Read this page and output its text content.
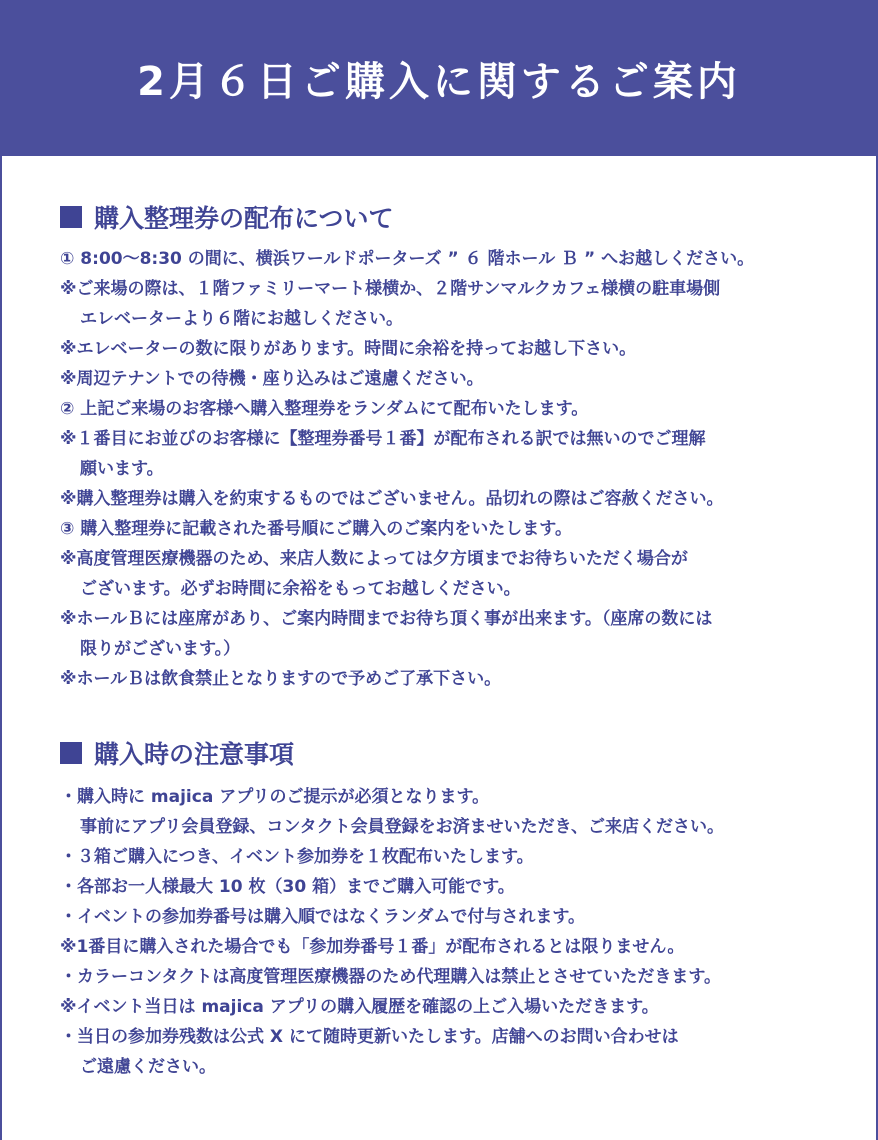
2月６日ご購入に関するご案内
購入整理券の配布について
① 8:00〜8:30 の間に、横浜ワールドポーターズ ” ６ 階ホール Ｂ ” へお越しください。
※ご来場の際は、１階ファミリーマート様横か、２階サンマルクカフェ様横の駐車場側
エレベーターより６階にお越しください。
※エレベーターの数に限りがあります。時間に余裕を持ってお越し下さい。
※周辺テナントでの待機・座り込みはご遠慮ください。
② 上記ご来場のお客様へ購入整理券をランダムにて配布いたします。
※１番目にお並びのお客様に【整理券番号１番】が配布される訳では無いのでご理解
願います。
※購入整理券は購入を約束するものではございません。品切れの際はご容赦ください。
③ 購入整理券に記載された番号順にご購入のご案内をいたします。
※高度管理医療機器のため、来店人数によっては夕方頃までお待ちいただく場合が
ございます。必ずお時間に余裕をもってお越しください。
※ホールＢには座席があり、ご案内時間までお待ち頂く事が出来ます。（座席の数には
限りがございます。）
※ホールＢは飲食禁止となりますので予めご了承下さい。
購入時の注意事項
・購入時に majica アプリのご提示が必須となります。
事前にアプリ会員登録、コンタクト会員登録をお済ませいただき、ご来店ください。
・３箱ご購入につき、イベント参加券を１枚配布いたします。
・各部お一人様最大 10 枚（30 箱）までご購入可能です。
・イベントの参加券番号は購入順ではなくランダムで付与されます。
※1番目に購入された場合でも「参加券番号１番」が配布されるとは限りません。
・カラーコンタクトは高度管理医療機器のため代理購入は禁止とさせていただきます。
※イベント当日は majica アプリの購入履歴を確認の上ご入場いただきます。
・当日の参加券残数は公式 X にて随時更新いたします。店舗へのお問い合わせは
ご遠慮ください。
